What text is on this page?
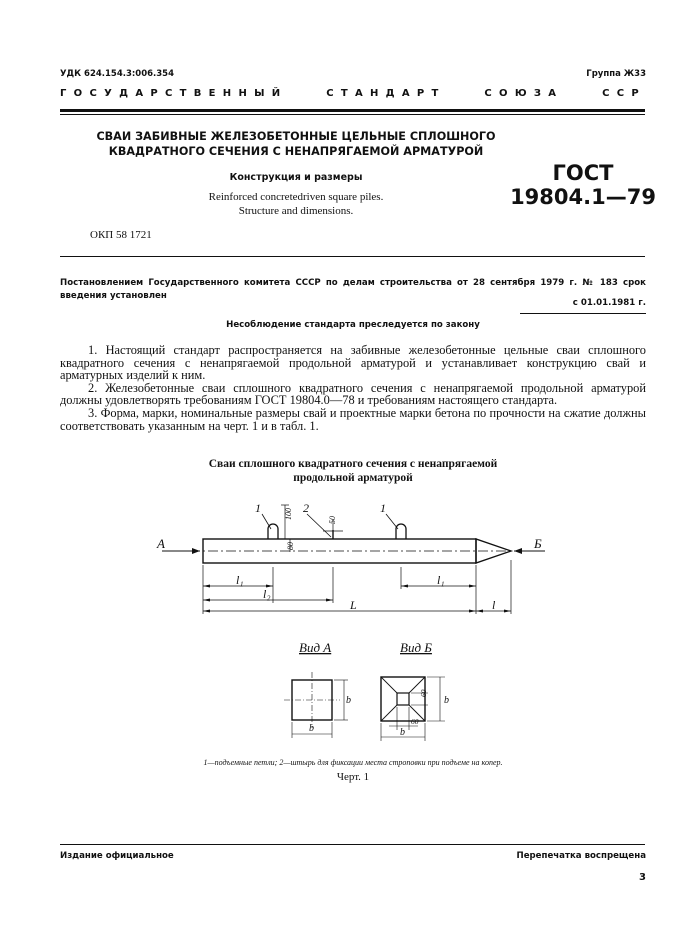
УДК 624.154.3:006.354	Группа Ж33
ГОСУДАРСТВЕННЫЙ	СТАНДАРТ	СОЮЗА	ССР
СВАИ ЗАБИВНЫЕ ЖЕЛЕЗОБЕТОННЫЕ ЦЕЛЬНЫЕ СПЛОШНОГО
КВАДРАТНОГО СЕЧЕНИЯ С НЕНАПРЯГАЕМОЙ АРМАТУРОЙ
Конструкция и размеры
Reinforced concretedriven square piles.
Structure and dimensions.
ГОСТ
19804.1—79
ОКП 58 1721
Постановлением Государственного комитета СССР по делам строительства от 28 сентября 1979 г. № 183 срок введения установлен
с 01.01.1981 г.
Несоблюдение стандарта преследуется по закону
1. Настоящий стандарт распространяется на забивные железобетонные цельные сваи сплошного квадратного сечения с ненапрягаемой продольной арматурой и устанавливает конструкцию свай и арматурных изделий к ним.
2. Железобетонные сваи сплошного квадратного сечения с ненапрягаемой продольной арматурой должны удовлетворять требованиям ГОСТ 19804.0—78 и требованиям настоящего стандарта.
3. Форма, марки, номинальные размеры свай и проектные марки бетона по прочности на сжатие должны соответствовать указанным на черт. 1 и в табл. 1.
Сваи сплошного квадратного сечения с ненапрягаемой
продольной арматурой
А	Б
1	2	1
100
80
50
l₁	l₁
l₂
L	l
Вид А
b
b
Вид Б
60
60
b
b
1—подъемные петли; 2—штырь для фиксации места строповки при подъеме на копер.
Черт. 1
Издание официальное	Перепечатка воспрещена
3
